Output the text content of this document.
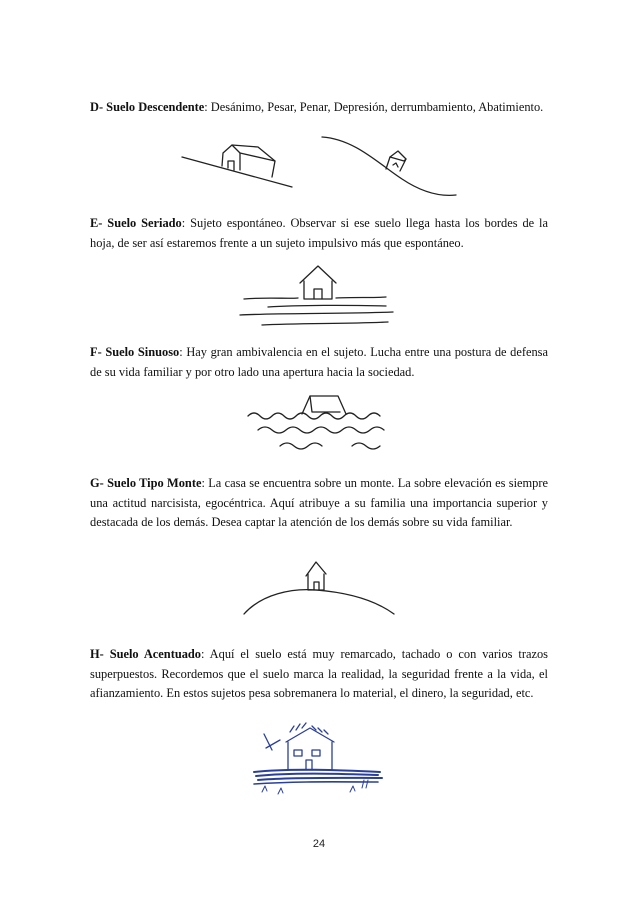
D- Suelo Descendente: Desánimo, Pesar, Penar, Depresión, derrumbamiento, Abatimiento.

E- Suelo Seriado: Sujeto espontáneo. Observar si ese suelo llega hasta los bordes de la hoja, de ser así estaremos frente a un sujeto impulsivo más que espontáneo.

F- Suelo Sinuoso: Hay gran ambivalencia en el sujeto. Lucha entre una postura de defensa de su vida familiar y por otro lado una apertura hacia la sociedad.

G- Suelo Tipo Monte: La casa se encuentra sobre un monte. La sobre elevación es siempre una actitud narcisista, egocéntrica. Aquí atribuye a su familia una importancia superior y destacada de los demás. Desea captar la atención de los demás sobre su vida familiar.

H- Suelo Acentuado: Aquí el suelo está muy remarcado, tachado o con varios trazos superpuestos. Recordemos que el suelo marca la realidad, la seguridad frente a la vida, el afianzamiento. En estos sujetos pesa sobremanera lo material, el dinero, la seguridad, etc.

24
